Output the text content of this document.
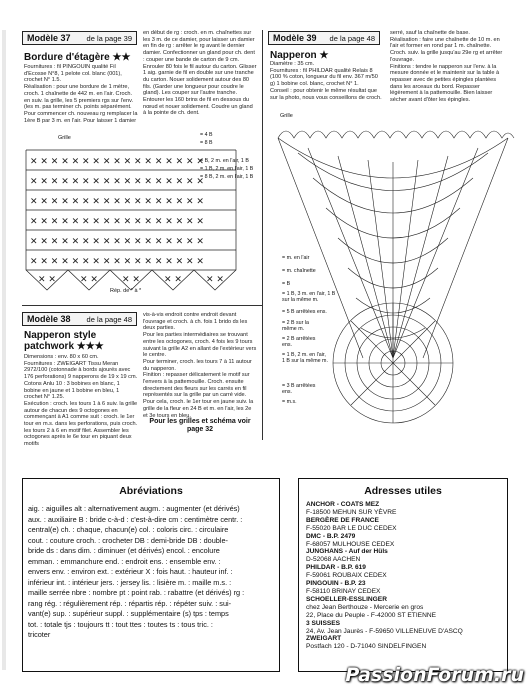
Modèle 37 de la page 39
Bordure d'étagère ★★
Fournitures : fil PINGOUIN qualité Fil d'Ecosse N°8, 1 pelote col. blanc (001), crochet N° 1.5.
Réalisation : pour une bordure de 1 mètre, croch. 1 chaînette de 442 m. en l'air. Croch. en suiv. la grille, les 5 premiers rgs sur l'env. (les m. pas terminer ch. points séparément. Pour commencer ch. nouveau rg remplacer la 1ère B par 3 m. en l'air. Pour laisser 1 damier
en début de rg : croch. en m. chaînettes sur les 3 m. de ce damier, pour laisser un damier en fin de rg : arrêter le rg avant le dernier damier. Confectionner un gland pour ch. dent : couper une bande de carton de 9 cm. Enrouler 80 fois le fil autour du carton. Glisser 1 aig. garnie de fil en double sur une tranche du carton. Nouer solidement autour des 80 fils. (Garder une longueur pour coudre le gland). Les couper sur l'autre tranche. Entourer les 160 brins de fil en dessous du nœud et nouer solidement. Coudre un gland à la pointe de ch. dent.
Grille
✕ ✕ ✕ ✕ ✕ ✕ ✕ ✕ ✕ ✕ ✕ ✕ ✕ ✕ ✕ ✕ ✕
✕ ✕ ✕ ✕ ✕ ✕ ✕ ✕ ✕ ✕ ✕ ✕ ✕ ✕ ✕ ✕ ✕
✕ ✕ ✕ ✕ ✕ ✕ ✕ ✕ ✕ ✕ ✕ ✕ ✕ ✕ ✕ ✕ ✕
✕ ✕ ✕ ✕ ✕ ✕ ✕ ✕ ✕ ✕ ✕ ✕ ✕ ✕ ✕ ✕ ✕
✕ ✕ ✕ ✕ ✕ ✕ ✕ ✕ ✕ ✕ ✕ ✕ ✕ ✕ ✕ ✕ ✕
✕ ✕ ✕ ✕ ✕ ✕ ✕ ✕ ✕ ✕ ✕ ✕ ✕ ✕ ✕ ✕ ✕
✕ ✕	✕ ✕	✕ ✕	✕ ✕	✕ ✕
= 4 B
= 8 B
= B, 2 m. en l'air, 1 B
= 1 B, 2 m. en l'air, 1 B
= 8 B, 2 m. en l'air, 1 B
Rép. de * à *
Modèle 38 de la page 48
Napperon style patchwork ★★★
Dimensions : env. 80 x 60 cm.
Fournitures : ZWEIGART Tissu Meran 2972/100 (cotonnade à bords ajourés avec 176 perforations) 9 napperons de 19 x 19 cm. Cotons Anlu 10 : 3 bobines en blanc, 1 bobine en jaune et 1 bobine en bleu, 1 crochet N° 1.25.
Exécution : croch. les tours 1 à 6 suiv. la grille autour de chacun des 9 octogones en commençant à A1 comme suit : croch. le 1er tour en m.s. dans les perforations, puis croch. les tours 2 à 6 en motif filet. Assembler les octogones après le 6e tour en piquant deux motifs
vis-à-vis endroit contre endroit devant l'ouvrage et croch. à ch. fois 1 brido ds les deux parties.
Pour les parties intermédiaires se trouvant entre les octogones, croch. 4 fois les 9 tours suivant la grille A2 en allant de l'extérieur vers le centre.
Pour terminer, croch. les tours 7 à 11 autour du napperon.
Finition : repasser délicatement le motif sur l'envers à la pattemouille. Croch. ensuite directement des fleurs sur les carrés en fil représentés sur la grille par un carré vide. Pour cela, croch. le 1er tour en jaune suiv. la grille de la fleur en 24 B et m. en l'air, les 2e et 3e tours en bleu.
Pour les grilles et schéma voir page 32
Modèle 39 de la page 48
Napperon ★
Diamètre : 35 cm.
Fournitures : fil PHILDAR qualité Relais 8 (100 % coton, longueur du fil env. 367 m/50 g) 1 bobine col. blanc, crochet N° 1.
Conseil : pour obtenir le même résultat que sur la photo, nous vous conseillons de croch.
serré, sauf la chaînette de base.
Réalisation : faire une chaînette de 10 m. en l'air et former en rond par 1 m. chaînette. Croch. suiv. la grille jusqu'au 29e rg et arrêter l'ouvrage.
Finitions : tendre le napperon sur l'env. à la mesure donnée et le maintenir sur la table à repasser avec de petites épingles plantées dans les arceaux du bord. Repasser légèrement à la pattemouille. Bien laisser sécher avant d'ôter les épingles.
Grille
= m. en l'air
= m. chaînette
= B
= 1 B, 3 m. en l'air, 1 B sur la même m.
= 5 B arrêtées ens.
= 2 B sur la même m.
= 2 B arrêtées ens.
= 1 B, 2 m. en l'air, 1 B sur la même m.
= 3 B arrêtées ens.
= m.s.
Abréviations
aig. : aiguilles alt : alternativement augm. : augmenter (et dérivés)
aux. : auxiliaire B : bride c-à-d : c'est-à-dire cm : centimètre centr. :
central(e) ch. : chaque, chacun(e) col. : coloris circ. : circulaire
cout. : couture croch. : crocheter DB : demi-bride DB : double-
bride ds : dans dim. : diminuer (et dérivés) encol. : encolure
emman. : emmanchure end. : endroit ens. : ensemble env. :
envers env. : environ ext. : extérieur X : fois haut. : hauteur inf. :
inférieur int. : intérieur jers. : jersey lis. : lisière m. : maille m.s. :
maille serrée nbre : nombre pt : point rab. : rabattre (et dérivés) rg :
rang rég. : régulièrement rép. : répartis rép. : répéter suiv. : sui-
vant(e) sup. : supérieur suppl. : supplémentaire (s) tps : temps
tot. : totale tjs : toujours tt : tout ttes : toutes ts : tous tric. :
tricoter
Adresses utiles
ANCHOR - COATS MEZ
F-18500 MEHUN SUR YÈVRE
BERGÈRE DE FRANCE
F-55020 BAR LE DUC CEDEX
DMC - B.P. 2479
F-68057 MULHOUSE CEDEX
JUNGHANS - Auf der Hüls
D-52068 AACHEN
PHILDAR - B.P. 619
F-59061 ROUBAIX CEDEX
PINGOUIN - B.P. 23
F-58110 BRINAY CEDEX
SCHOELLER-ESSLINGER
chez Jean Berthouze - Mercerie en gros
22, Place du Peuple - F-42000 ST ETIENNE
3 SUISSES
24, Av. Jean Jaurès - F-59650 VILLENEUVE D'ASCQ
ZWEIGART
Postfach 120 - D-71040 SINDELFINGEN
PassionForum.ru
